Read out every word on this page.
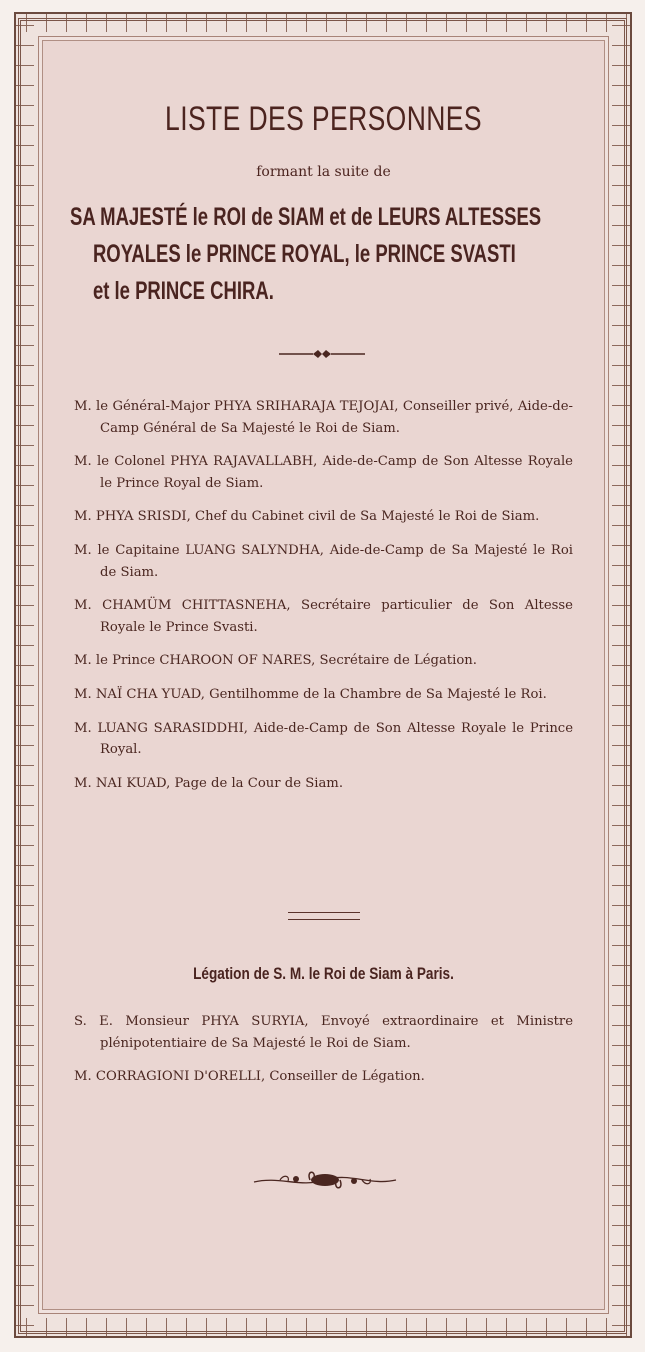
LISTE DES PERSONNES
formant la suite de
SA MAJESTÉ le ROI de SIAM et de LEURS ALTESSES
ROYALES le PRINCE ROYAL, le PRINCE SVASTI
et le PRINCE CHIRA.
M. le Général-Major PHYA SRIHARAJA TEJOJAI, Conseiller privé, Aide-de-Camp Général de Sa Majesté le Roi de Siam.
M. le Colonel PHYA RAJAVALLABH, Aide-de-Camp de Son Altesse Royale le Prince Royal de Siam.
M. PHYA SRISDI, Chef du Cabinet civil de Sa Majesté le Roi de Siam.
M. le Capitaine LUANG SALYNDHA, Aide-de-Camp de Sa Majesté le Roi de Siam.
M. CHAMÜM CHITTASNEHA, Secrétaire particulier de Son Altesse Royale le Prince Svasti.
M. le Prince CHAROON OF NARES, Secrétaire de Légation.
M. NAÏ CHA YUAD, Gentilhomme de la Chambre de Sa Majesté le Roi.
M. LUANG SARASIDDHI, Aide-de-Camp de Son Altesse Royale le Prince Royal.
M. NAI KUAD, Page de la Cour de Siam.
Légation de S. M. le Roi de Siam à Paris.
S. E. Monsieur PHYA SURYIA, Envoyé extraordinaire et Ministre plénipotentiaire de Sa Majesté le Roi de Siam.
M. CORRAGIONI D'ORELLI, Conseiller de Légation.
